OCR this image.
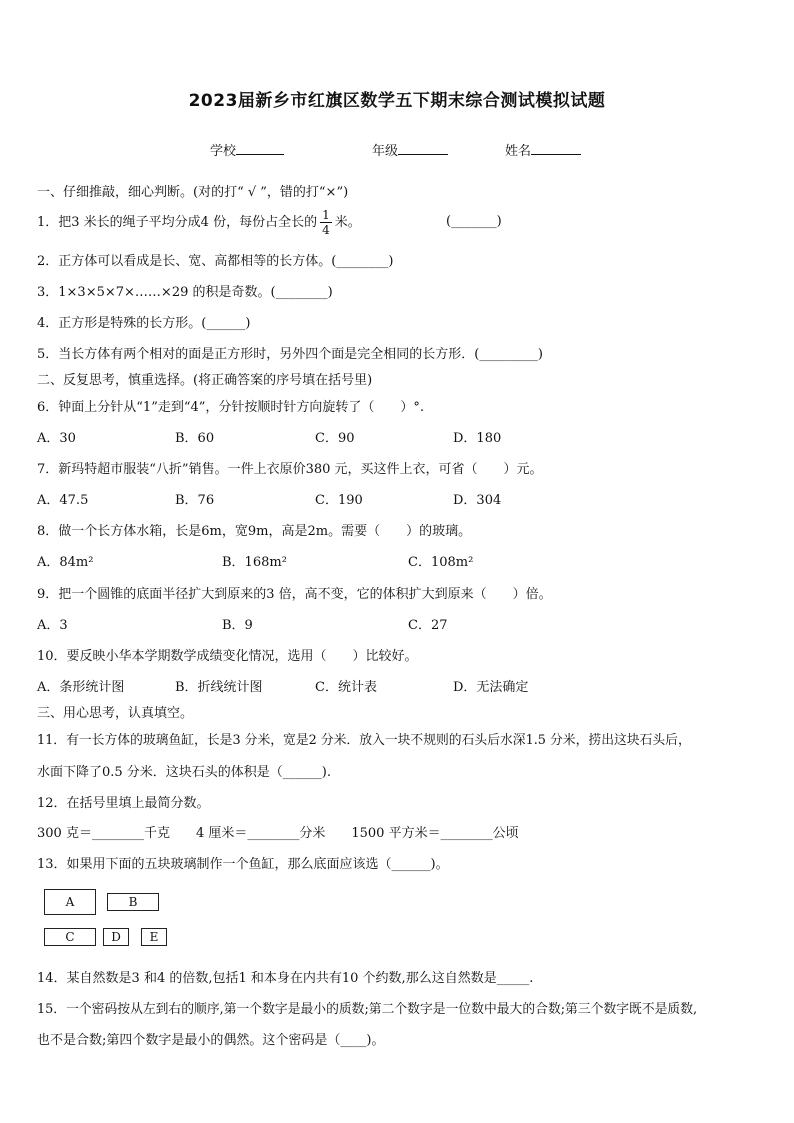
2023届新乡市红旗区数学五下期末综合测试模拟试题
学校	年级	姓名
一、仔细推敲，细心判断。(对的打“ √ ”，错的打“×”)
1．把3 米长的绳子平均分成4 份，每份占全长的 $\frac{1}{4}$ 米。	(_______)
2．正方体可以看成是长、宽、高都相等的长方体。(________)
3．1×3×5×7×……×29 的积是奇数。(________)
4．正方形是特殊的长方形。(______)
5．当长方体有两个相对的面是正方形时，另外四个面是完全相同的长方形．(_________)
二、反复思考，慎重选择。(将正确答案的序号填在括号里)
6．钟面上分针从“1”走到“4”，分针按顺时针方向旋转了（　　）°.
A．30	B．60	C．90	D．180
7．新玛特超市服装“八折”销售。一件上衣原价380 元，买这件上衣，可省（　　）元。
A．47.5	B．76	C．190	D．304
8．做一个长方体水箱，长是6m，宽9m，高是2m。需要（　　）的玻璃。
A．84m²	B．168m²	C．108m²
9．把一个圆锥的底面半径扩大到原来的3 倍，高不变，它的体积扩大到原来（　　）倍。
A．3	B．9	C．27
10．要反映小华本学期数学成绩变化情况，选用（　　）比较好。
A．条形统计图	B．折线统计图	C．统计表	D．无法确定
三、用心思考，认真填空。
11．有一长方体的玻璃鱼缸，长是3 分米，宽是2 分米．放入一块不规则的石头后水深1.5 分米，捞出这块石头后，
水面下降了0.5 分米．这块石头的体积是（______).
12．在括号里填上最简分数。
300 克＝________千克　　4 厘米＝________分米　　1500 平方米＝________公顷
13．如果用下面的五块玻璃制作一个鱼缸，那么底面应该选（______)。
A	B
C	D	E
14．某自然数是3 和4 的倍数,包括1 和本身在内共有10 个约数,那么这自然数是_____.
15．一个密码按从左到右的顺序,第一个数字是最小的质数;第二个数字是一位数中最大的合数;第三个数字既不是质数,
也不是合数;第四个数字是最小的偶然。这个密码是（____)。
